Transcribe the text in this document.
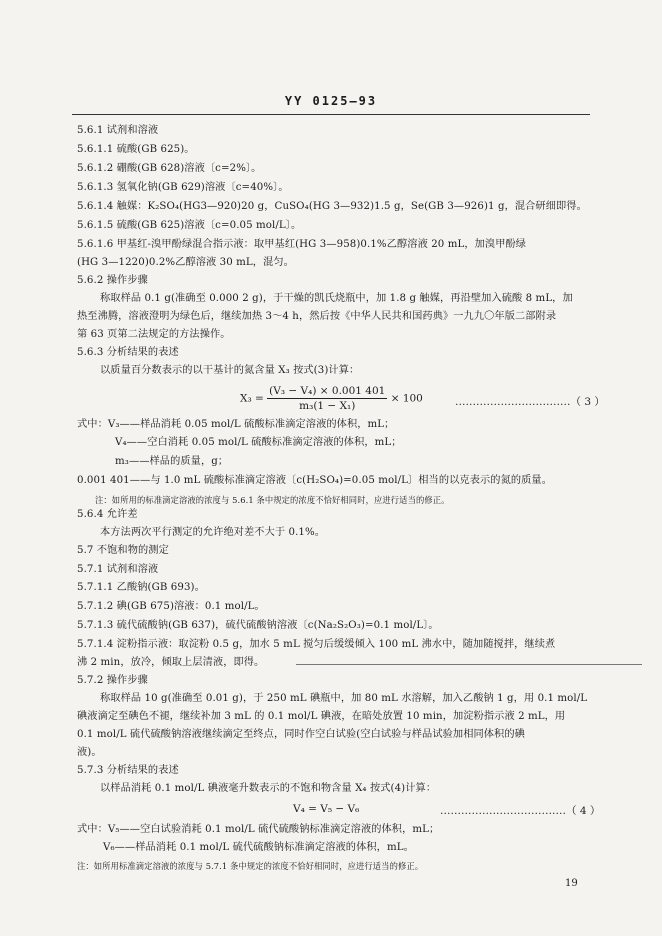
YY 0125—93
5.6.1 试剂和溶液
5.6.1.1 硫酸(GB 625)。
5.6.1.2 硼酸(GB 628)溶液〔c=2%〕。
5.6.1.3 氢氧化钠(GB 629)溶液〔c=40%〕。
5.6.1.4 触媒：K₂SO₄(HG3—920)20 g，CuSO₄(HG 3—932)1.5 g，Se(GB 3—926)1 g，混合研细即得。
5.6.1.5 硫酸(GB 625)溶液〔c=0.05 mol/L〕。
5.6.1.6 甲基红-溴甲酚绿混合指示液：取甲基红(HG 3—958)0.1%乙醇溶液 20 mL，加溴甲酚绿
(HG 3—1220)0.2%乙醇溶液 30 mL，混匀。
5.6.2 操作步骤
称取样品 0.1 g(准确至 0.000 2 g)，于干燥的凯氏烧瓶中，加 1.8 g 触媒，再沿壁加入硫酸 8 mL，加
热至沸腾，溶液澄明为绿色后，继续加热 3～4 h，然后按《中华人民共和国药典》一九九〇年版二部附录
第 63 页第二法规定的方法操作。
5.6.3 分析结果的表述
以质量百分数表示的以干基计的氮含量 X₃ 按式(3)计算：
$X_3 = \frac{\text{(V₃ − V₄) × 0.001 401}}{\text{m₃(1 − X₁)}} \times 100$	……………………………（ 3 ）
式中：V₃——样品消耗 0.05 mol/L 硫酸标准滴定溶液的体积，mL；
V₄——空白消耗 0.05 mol/L 硫酸标准滴定溶液的体积，mL；
m₃——样品的质量，g；
0.001 401——与 1.0 mL 硫酸标准滴定溶液〔c(H₂SO₄)=0.05 mol/L〕相当的以克表示的氮的质量。
注：如所用的标准滴定溶液的浓度与 5.6.1 条中规定的浓度不恰好相同时，应进行适当的修正。
5.6.4 允许差
本方法两次平行测定的允许绝对差不大于 0.1%。
5.7 不饱和物的测定
5.7.1 试剂和溶液
5.7.1.1 乙酸钠(GB 693)。
5.7.1.2 碘(GB 675)溶液：0.1 mol/L。
5.7.1.3 硫代硫酸钠(GB 637)，硫代硫酸钠溶液〔c(Na₂S₂O₃)=0.1 mol/L〕。
5.7.1.4 淀粉指示液：取淀粉 0.5 g，加水 5 mL 搅匀后缓缓倾入 100 mL 沸水中，随加随搅拌，继续煮
沸 2 min，放冷，倾取上层清液，即得。
5.7.2 操作步骤
称取样品 10 g(准确至 0.01 g)，于 250 mL 碘瓶中，加 80 mL 水溶解，加入乙酸钠 1 g，用 0.1 mol/L
碘液滴定至碘色不褪，继续补加 3 mL 的 0.1 mol/L 碘液，在暗处放置 10 min，加淀粉指示液 2 mL，用
0.1 mol/L 硫代硫酸钠溶液继续滴定至终点，同时作空白试验(空白试验与样品试验加相同体积的碘
液)。
5.7.3 分析结果的表述
以样品消耗 0.1 mol/L 碘液毫升数表示的不饱和物含量 X₄ 按式(4)计算：
V₄ = V₅ − V₆	………………………………（ 4 ）
式中：V₅——空白试验消耗 0.1 mol/L 硫代硫酸钠标准滴定溶液的体积，mL；
V₆——样品消耗 0.1 mol/L 硫代硫酸钠标准滴定溶液的体积，mL。
注：如所用标准滴定溶液的浓度与 5.7.1 条中规定的浓度不恰好相同时，应进行适当的修正。
19
